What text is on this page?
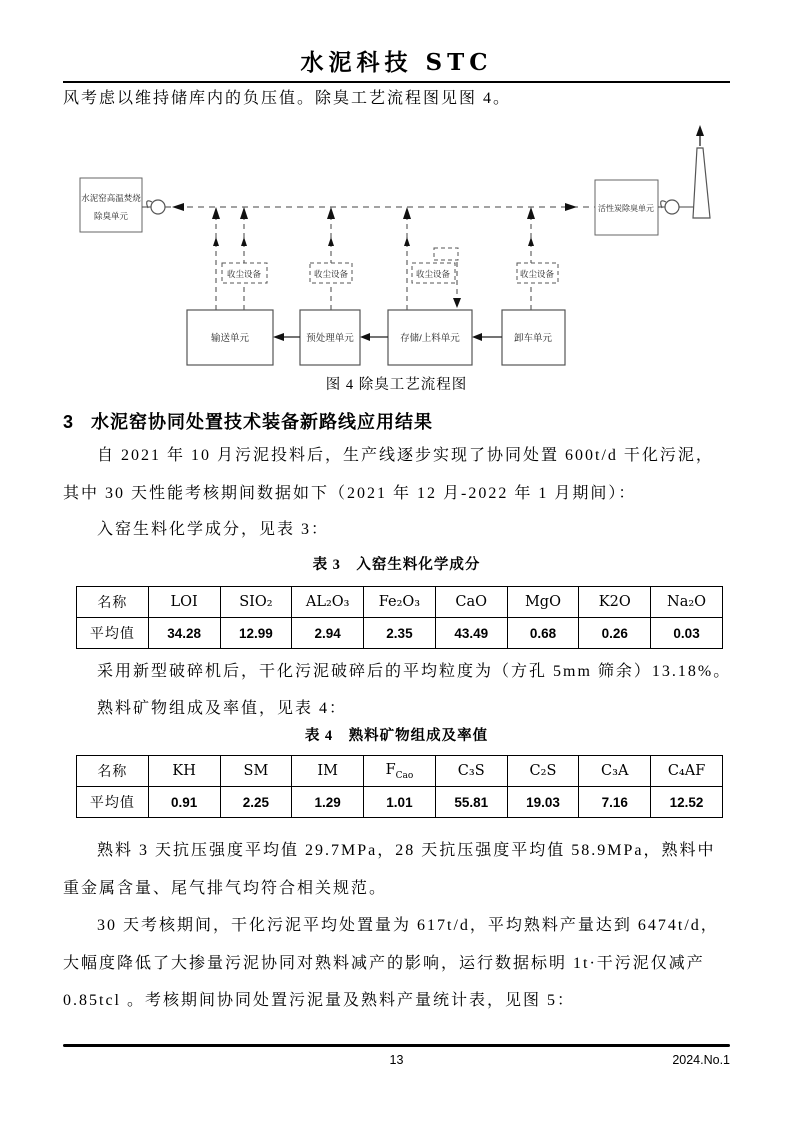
水泥科技 STC
风考虑以维持储库内的负压值。除臭工艺流程图见图 4。
水泥窑高温焚烧
除臭单元
活性炭除臭单元
收尘设备	收尘设备	收尘设备	收尘设备
输送单元	预处理单元	存储/上料单元	卸车单元
图 4 除臭工艺流程图
3 水泥窑协同处置技术装备新路线应用结果
自 2021 年 10 月污泥投料后，生产线逐步实现了协同处置 600t/d 干化污泥，
其中 30 天性能考核期间数据如下（2021 年 12 月-2022 年 1 月期间）：
入窑生料化学成分，见表 3：
表 3　入窑生料化学成分
名称	LOI	SIO₂	AL₂O₃	Fe₂O₃	CaO	MgO	K2O	Na₂O
平均值	34.28	12.99	2.94	2.35	43.49	0.68	0.26	0.03
采用新型破碎机后，干化污泥破碎后的平均粒度为（方孔 5mm 筛余）13.18%。
熟料矿物组成及率值，见表 4：
表 4　熟料矿物组成及率值
名称	KH	SM	IM	$F_{Cao}$	C₃S	C₂S	C₃A	C₄AF
平均值	0.91	2.25	1.29	1.01	55.81	19.03	7.16	12.52
熟料 3 天抗压强度平均值 29.7MPa，28 天抗压强度平均值 58.9MPa，熟料中
重金属含量、尾气排气均符合相关规范。
30 天考核期间，干化污泥平均处置量为 617t/d，平均熟料产量达到 6474t/d，
大幅度降低了大掺量污泥协同对熟料减产的影响，运行数据标明 1t·干污泥仅减产
0.85tcl 。考核期间协同处置污泥量及熟料产量统计表，见图 5：
13	2024.No.1
